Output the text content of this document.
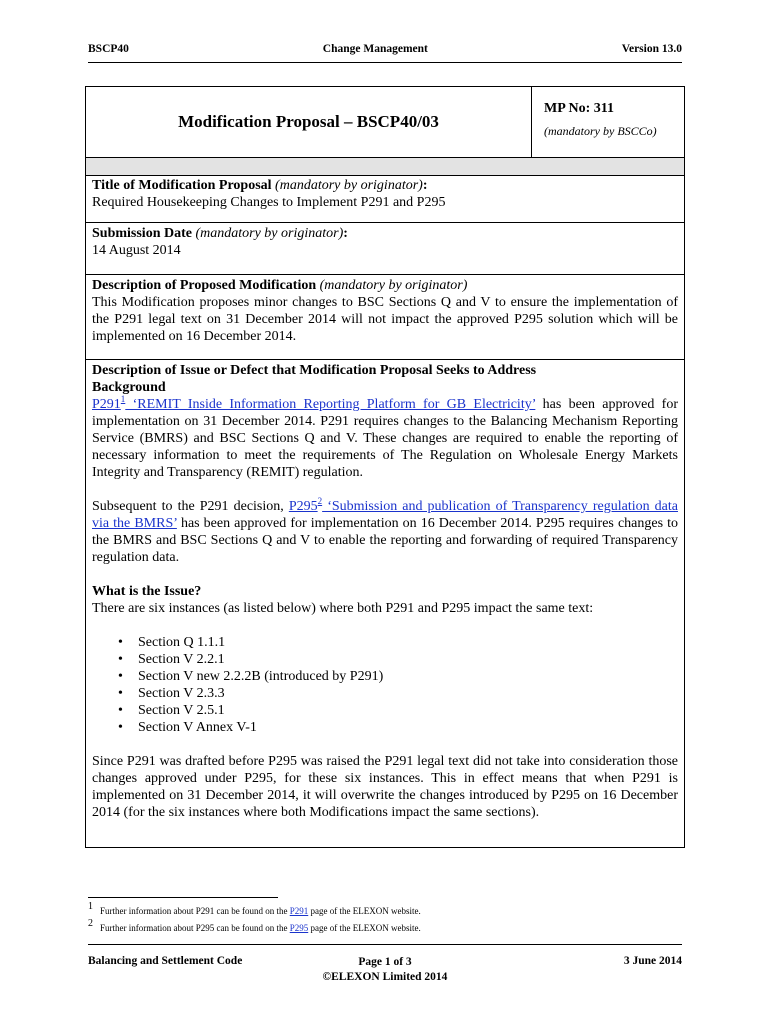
BSCP40	Change Management	Version 13.0
Modification Proposal – BSCP40/03
MP No: 311
(mandatory by BSCCo)
Title of Modification Proposal (mandatory by originator):
Required Housekeeping Changes to Implement P291 and P295
Submission Date (mandatory by originator):
14 August 2014
Description of Proposed Modification (mandatory by originator)
This Modification proposes minor changes to BSC Sections Q and V to ensure the implementation of the P291 legal text on 31 December 2014 will not impact the approved P295 solution which will be implemented on 16 December 2014.
Description of Issue or Defect that Modification Proposal Seeks to Address
Background
$P291^1$ ‘REMIT Inside Information Reporting Platform for GB Electricity’ has been approved for implementation on 31 December 2014. P291 requires changes to the Balancing Mechanism Reporting Service (BMRS) and BSC Sections Q and V. These changes are required to enable the reporting of necessary information to meet the requirements of The Regulation on Wholesale Energy Markets Integrity and Transparency (REMIT) regulation.
Subsequent to the P291 decision, $P295^2$ ‘Submission and publication of Transparency regulation data via the BMRS’ has been approved for implementation on 16 December 2014. P295 requires changes to the BMRS and BSC Sections Q and V to enable the reporting and forwarding of required Transparency regulation data.
What is the Issue?
There are six instances (as listed below) where both P291 and P295 impact the same text:
•	Section Q 1.1.1
•	Section V 2.2.1
•	Section V new 2.2.2B (introduced by P291)
•	Section V 2.3.3
•	Section V 2.5.1
•	Section V Annex V-1
Since P291 was drafted before P295 was raised the P291 legal text did not take into consideration those changes approved under P295, for these six instances. This in effect means that when P291 is implemented on 31 December 2014, it will overwrite the changes introduced by P295 on 16 December 2014 (for the six instances where both Modifications impact the same sections).
1 Further information about P291 can be found on the P291 page of the ELEXON website.
2 Further information about P295 can be found on the P295 page of the ELEXON website.
Balancing and Settlement Code	Page 1 of 3
©ELEXON Limited 2014
3 June 2014
